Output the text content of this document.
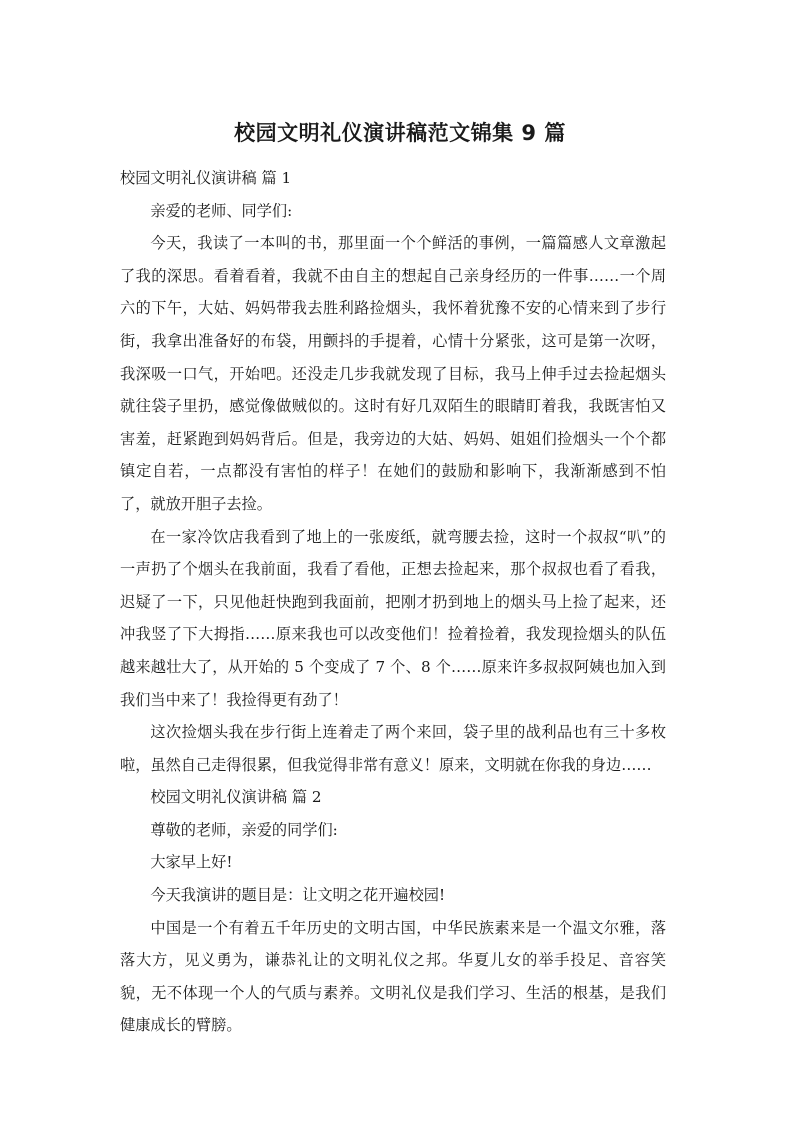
校园文明礼仪演讲稿范文锦集 9 篇

校园文明礼仪演讲稿 篇 1

亲爱的老师、同学们:

今天，我读了一本叫的书，那里面一个个鲜活的事例，一篇篇感人文章激起了我的深思。看着看着，我就不由自主的想起自己亲身经历的一件事……一个周六的下午，大姑、妈妈带我去胜利路捡烟头，我怀着犹豫不安的心情来到了步行街，我拿出准备好的布袋，用颤抖的手提着，心情十分紧张，这可是第一次呀，我深吸一口气，开始吧。还没走几步我就发现了目标，我马上伸手过去捡起烟头就往袋子里扔，感觉像做贼似的。这时有好几双陌生的眼睛盯着我，我既害怕又害羞，赶紧跑到妈妈背后。但是，我旁边的大姑、妈妈、姐姐们捡烟头一个个都镇定自若，一点都没有害怕的样子！在她们的鼓励和影响下，我渐渐感到不怕了，就放开胆子去捡。

在一家冷饮店我看到了地上的一张废纸，就弯腰去捡，这时一个叔叔“叭”的一声扔了个烟头在我前面，我看了看他，正想去捡起来，那个叔叔也看了看我，迟疑了一下，只见他赶快跑到我面前，把刚才扔到地上的烟头马上捡了起来，还冲我竖了下大拇指……原来我也可以改变他们！捡着捡着，我发现捡烟头的队伍越来越壮大了，从开始的 5 个变成了 7 个、8 个……原来许多叔叔阿姨也加入到我们当中来了！我捡得更有劲了！

这次捡烟头我在步行街上连着走了两个来回，袋子里的战利品也有三十多枚啦，虽然自己走得很累，但我觉得非常有意义！原来，文明就在你我的身边……

校园文明礼仪演讲稿 篇 2

尊敬的老师，亲爱的同学们:

大家早上好!

今天我演讲的题目是：让文明之花开遍校园!

中国是一个有着五千年历史的文明古国，中华民族素来是一个温文尔雅，落落大方，见义勇为，谦恭礼让的文明礼仪之邦。华夏儿女的举手投足、音容笑貌，无不体现一个人的气质与素养。文明礼仪是我们学习、生活的根基，是我们健康成长的臂膀。
